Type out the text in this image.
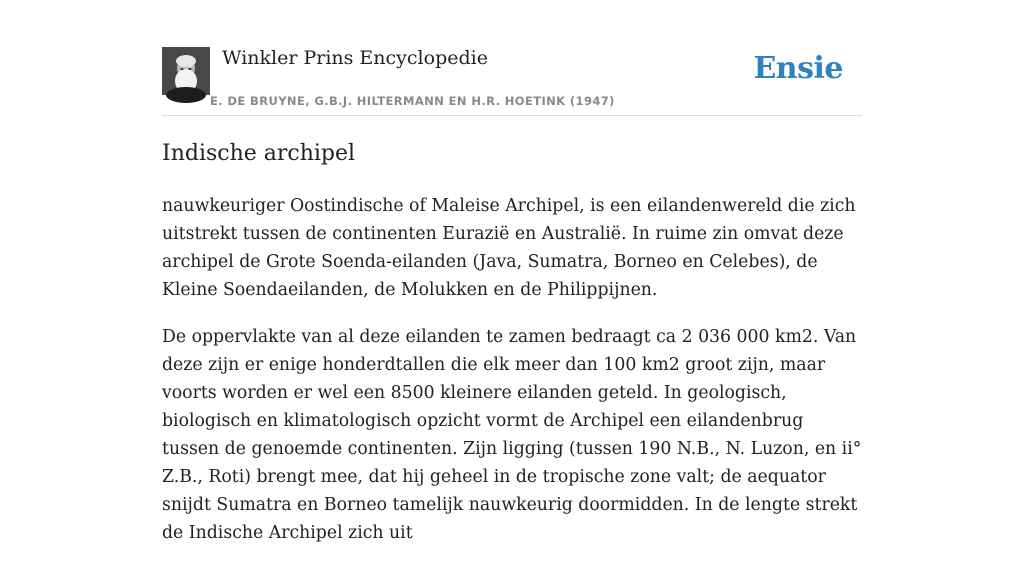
Winkler Prins Encyclopedie
E. DE BRUYNE, G.B.J. HILTERMANN EN H.R. HOETINK (1947)
Ensie
Indische archipel

nauwkeuriger Oostindische of Maleise Archipel, is een eilandenwereld die zich uitstrekt tussen de continenten Eurazië en Australië. In ruime zin omvat deze archipel de Grote Soenda-eilanden (Java, Sumatra, Borneo en Celebes), de Kleine Soendaeilanden, de Molukken en de Philippijnen.

De oppervlakte van al deze eilanden te zamen bedraagt ca 2 036 000 km2. Van deze zijn er enige honderdtallen die elk meer dan 100 km2 groot zijn, maar voorts worden er wel een 8500 kleinere eilanden geteld. In geologisch, biologisch en klimatologisch opzicht vormt de Archipel een eilandenbrug tussen de genoemde continenten. Zijn ligging (tussen 190 N.B., N. Luzon, en ii° Z.B., Roti) brengt mee, dat hij geheel in de tropische zone valt; de aequator snijdt Sumatra en Borneo tamelijk nauwkeurig doormidden. In de lengte strekt de Indische Archipel zich uit
